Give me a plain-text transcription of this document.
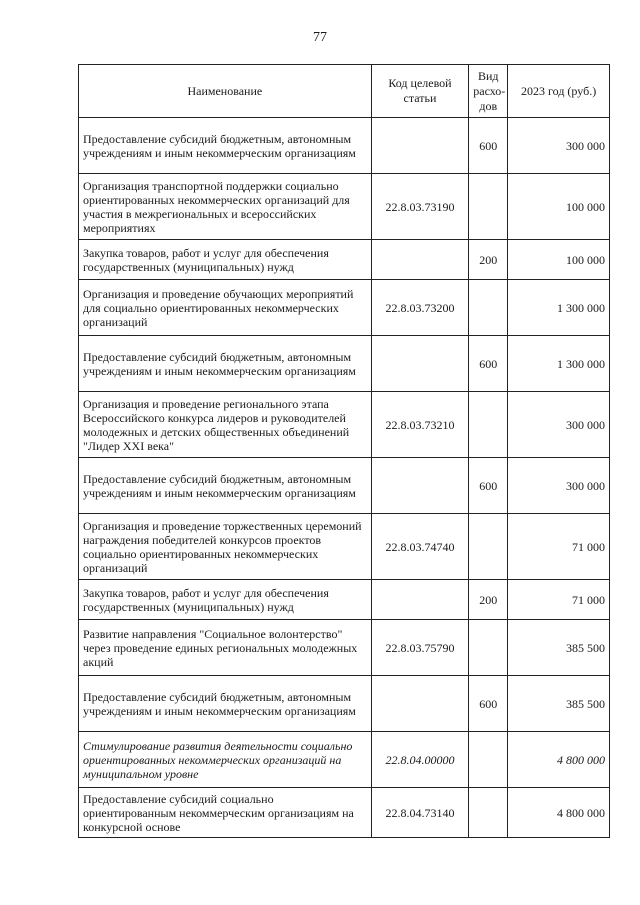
77
Наименование	Код целевой статьи	Вид расхо-дов	2023 год (руб.)
Предоставление субсидий бюджетным, автономным учреждениям и иным некоммерческим организациям		600	300 000
Организация транспортной поддержки социально ориентированных некоммерческих организаций для участия в межрегиональных и всероссийских мероприятиях	22.8.03.73190		100 000
Закупка товаров, работ и услуг для обеспечения государственных (муниципальных) нужд		200	100 000
Организация и проведение обучающих мероприятий для социально ориентированных некоммерческих организаций	22.8.03.73200		1 300 000
Предоставление субсидий бюджетным, автономным учреждениям и иным некоммерческим организациям		600	1 300 000
Организация и проведение регионального этапа Всероссийского конкурса лидеров и руководителей молодежных и детских общественных объединений "Лидер XXI века"	22.8.03.73210		300 000
Предоставление субсидий бюджетным, автономным учреждениям и иным некоммерческим организациям		600	300 000
Организация и проведение торжественных церемоний награждения победителей конкурсов проектов социально ориентированных некоммерческих организаций	22.8.03.74740		71 000
Закупка товаров, работ и услуг для обеспечения государственных (муниципальных) нужд		200	71 000
Развитие направления "Социальное волонтерство" через проведение единых региональных молодежных акций	22.8.03.75790		385 500
Предоставление субсидий бюджетным, автономным учреждениям и иным некоммерческим организациям		600	385 500
Стимулирование развития деятельности социально ориентированных некоммерческих организаций на муниципальном уровне	22.8.04.00000		4 800 000
Предоставление субсидий социально ориентированным некоммерческим организациям на конкурсной основе	22.8.04.73140		4 800 000
